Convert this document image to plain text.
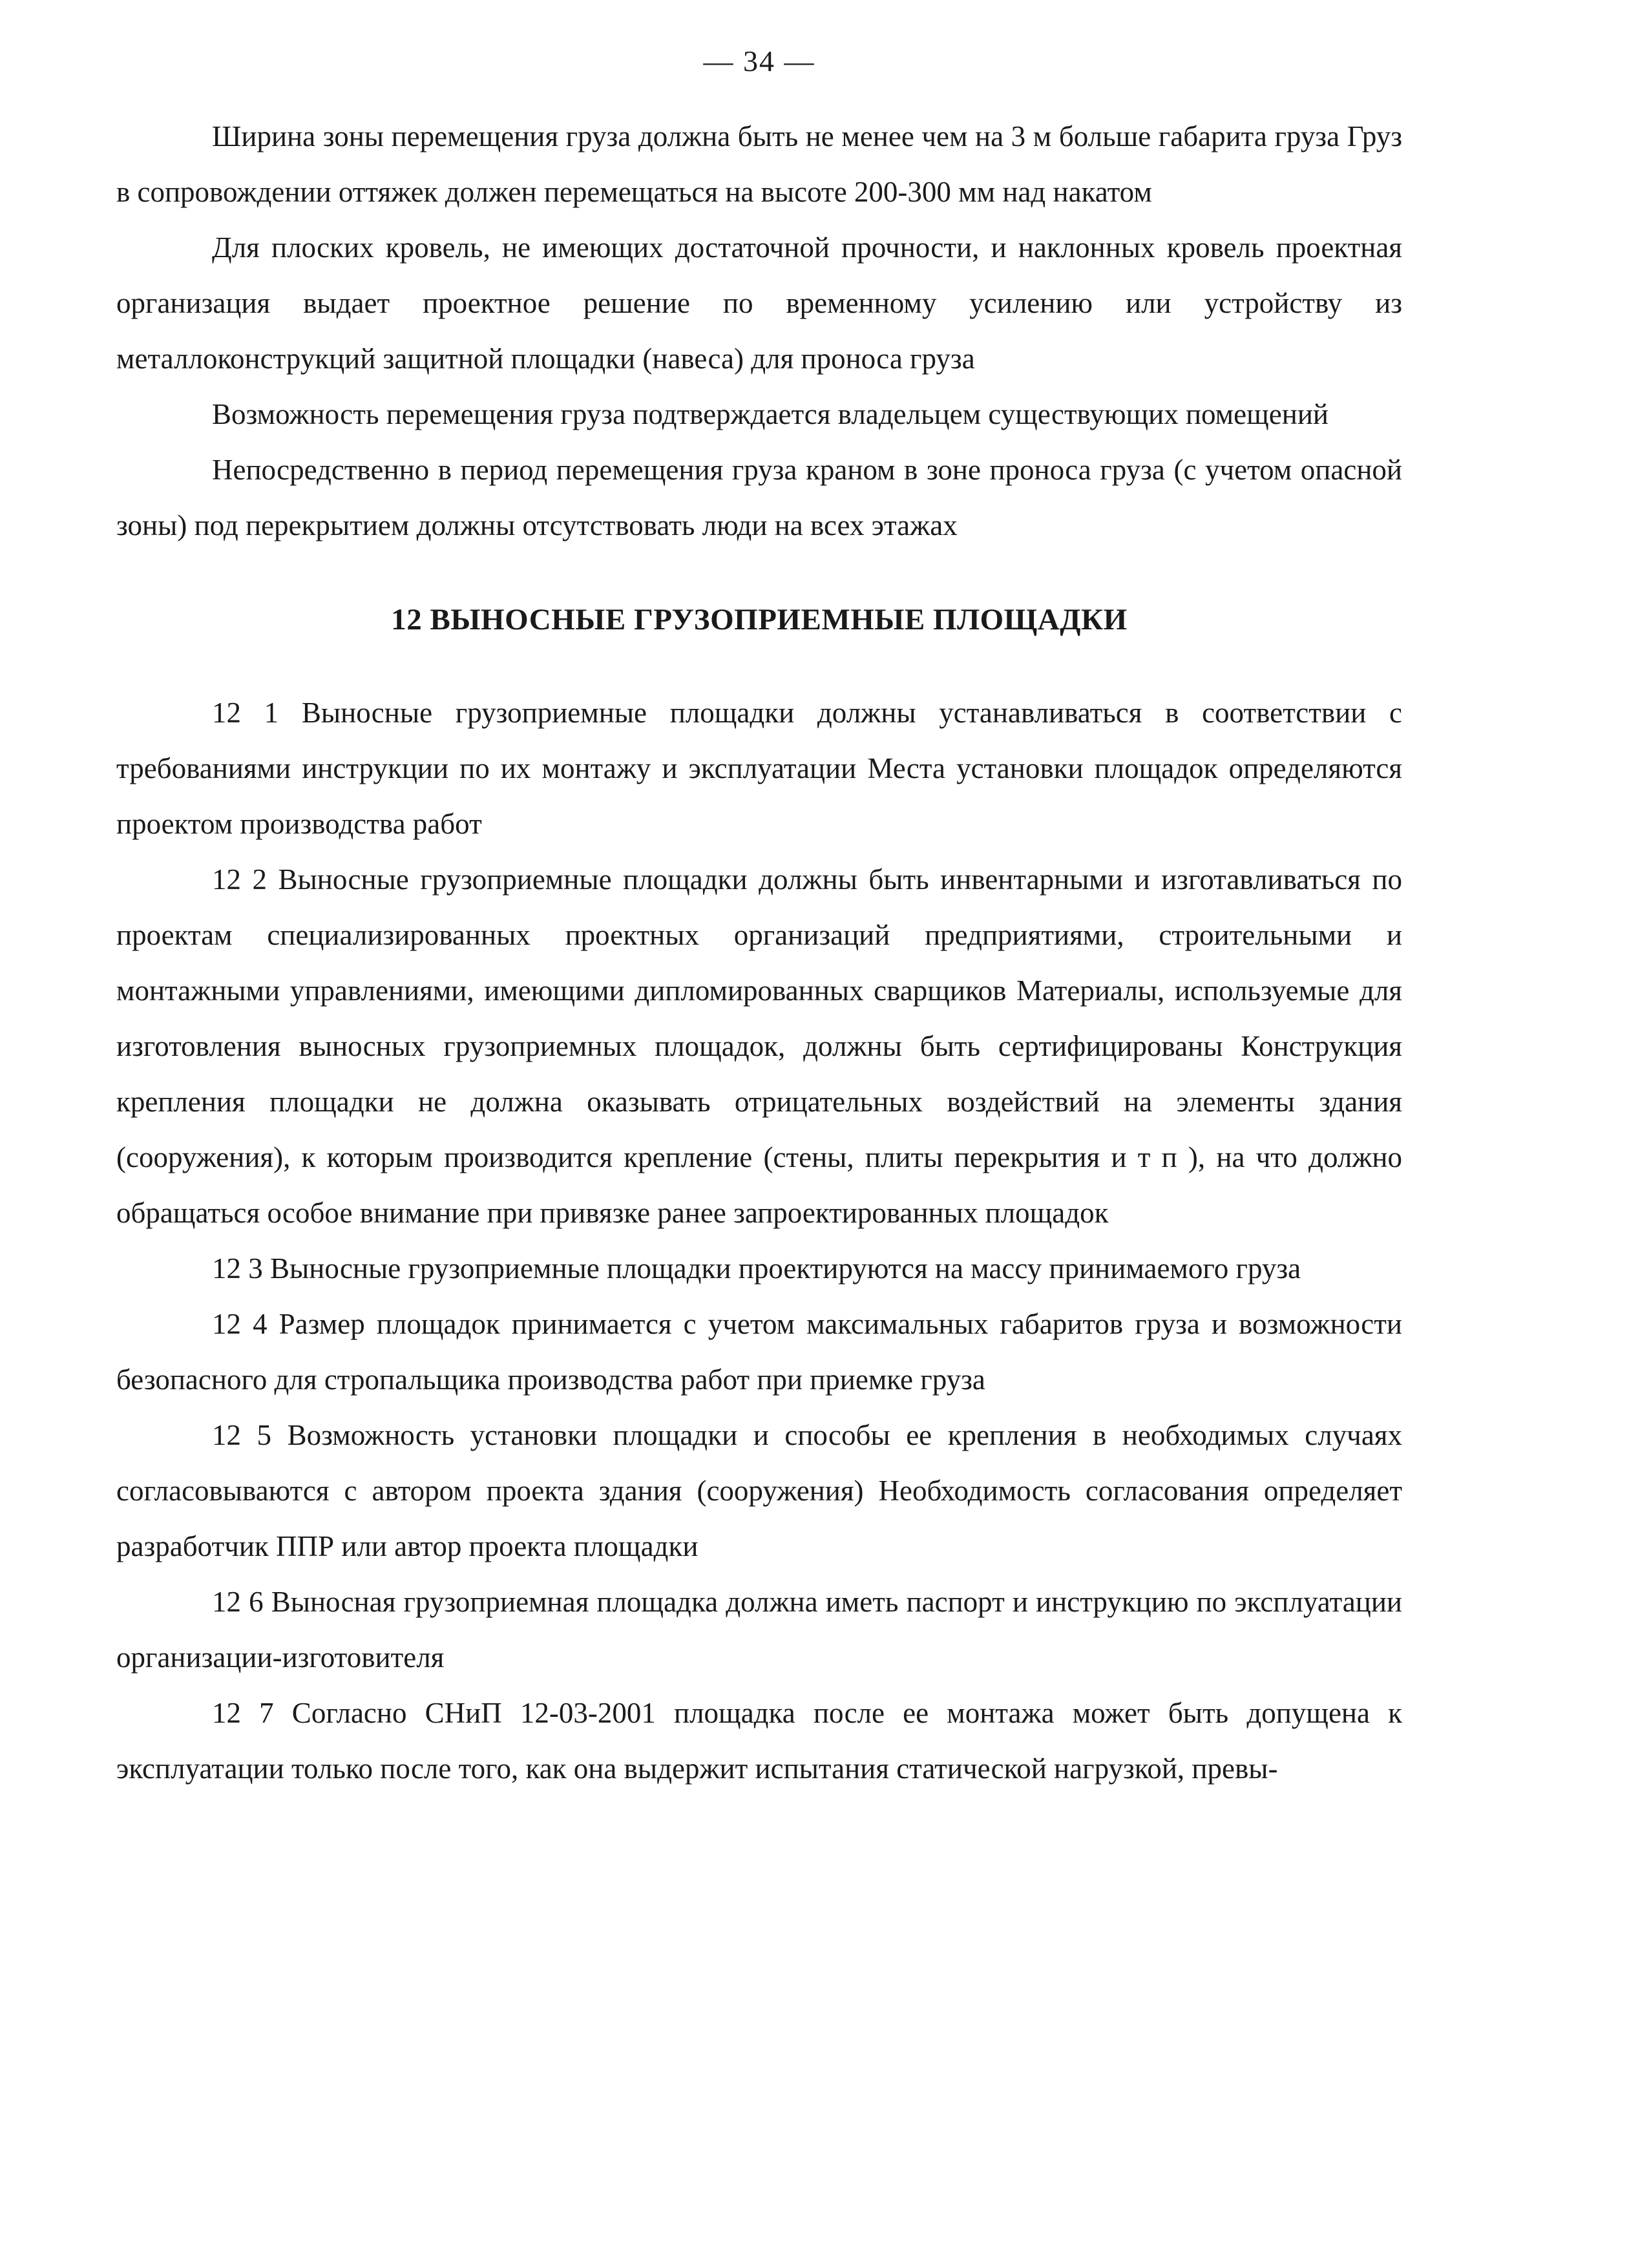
— 34 —

Ширина зоны перемещения груза должна быть не менее чем на 3 м больше габарита груза Груз в сопровождении оттяжек должен перемещаться на высоте 200-300 мм над накатом

Для плоских кровель, не имеющих достаточной прочности, и наклонных кровель проектная организация выдает проектное решение по временному усилению или устройству из металлоконструкций защитной площадки (навеса) для проноса груза

Возможность перемещения груза подтверждается владельцем существующих помещений

Непосредственно в период перемещения груза краном в зоне проноса груза (с учетом опасной зоны) под перекрытием должны отсутствовать люди на всех этажах

12 ВЫНОСНЫЕ ГРУЗОПРИЕМНЫЕ ПЛОЩАДКИ

12 1 Выносные грузоприемные площадки должны устанавливаться в соответствии с требованиями инструкции по их монтажу и эксплуатации Места установки площадок определяются проектом производства работ

12 2 Выносные грузоприемные площадки должны быть инвентарными и изготавливаться по проектам специализированных проектных организаций предприятиями, строительными и монтажными управлениями, имеющими дипломированных сварщиков Материалы, используемые для изготовления выносных грузоприемных площадок, должны быть сертифицированы Конструкция крепления площадки не должна оказывать отрицательных воздействий на элементы здания (сооружения), к которым производится крепление (стены, плиты перекрытия и т п ), на что должно обращаться особое внимание при привязке ранее запроектированных площадок

12 3 Выносные грузоприемные площадки проектируются на массу принимаемого груза

12 4 Размер площадок принимается с учетом максимальных габаритов груза и возможности безопасного для стропальщика производства работ при приемке груза

12 5 Возможность установки площадки и способы ее крепления в необходимых случаях согласовываются с автором проекта здания (сооружения) Необходимость согласования определяет разработчик ППР или автор проекта площадки

12 6 Выносная грузоприемная площадка должна иметь паспорт и инструкцию по эксплуатации организации-изготовителя

12 7 Согласно СНиП 12-03-2001 площадка после ее монтажа может быть допущена к эксплуатации только после того, как она выдержит испытания статической нагрузкой, превы-
